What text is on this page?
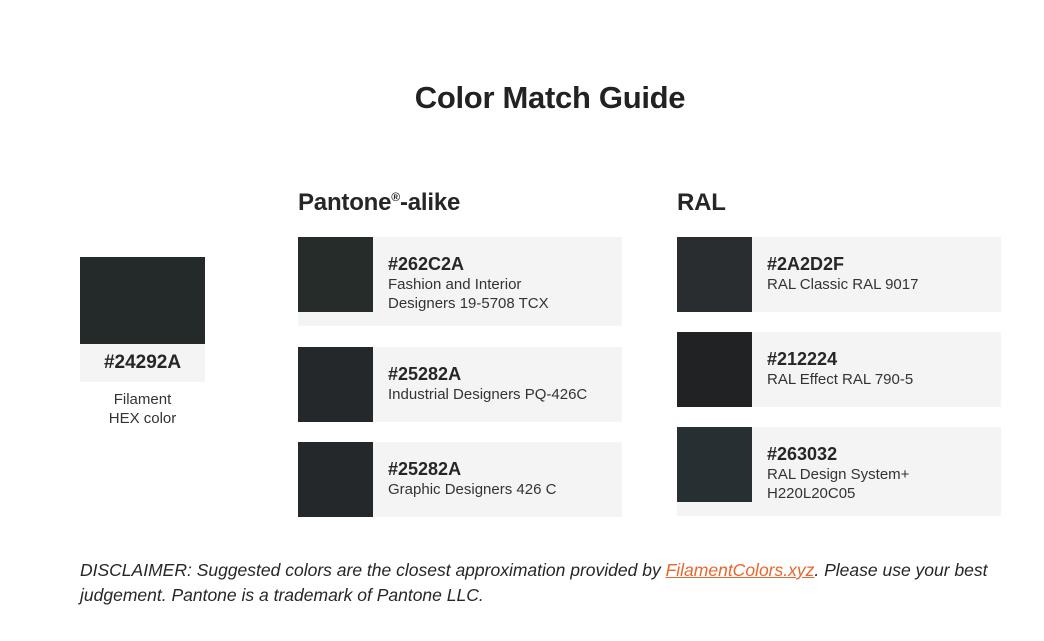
Color Match Guide
#24292A
Filament
HEX color
Pantone®-alike
#262C2A
Fashion and Interior
Designers 19-5708 TCX
#25282A
Industrial Designers PQ-426C
#25282A
Graphic Designers 426 C
RAL
#2A2D2F
RAL Classic RAL 9017
#212224
RAL Effect RAL 790-5
#263032
RAL Design System+
H220L20C05

DISCLAIMER: Suggested colors are the closest approximation provided by FilamentColors.xyz. Please use your best judgement. Pantone is a trademark of Pantone LLC.
